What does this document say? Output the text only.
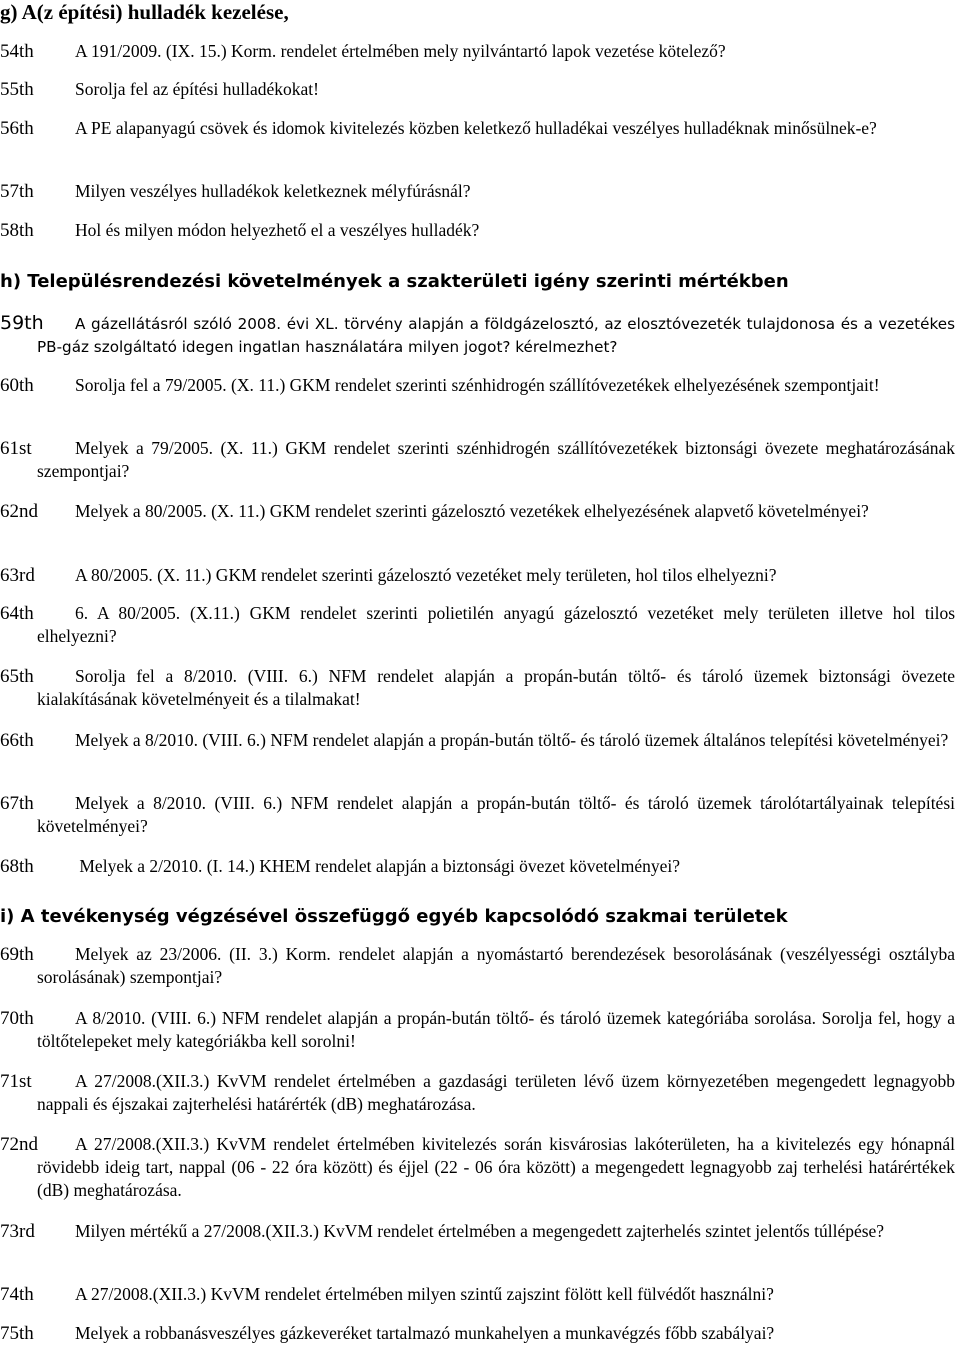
g) A(z építési) hulladék kezelése,
54th A 191/2009. (IX. 15.) Korm. rendelet értelmében mely nyilvántartó lapok vezetése kötelező?
55th Sorolja fel az építési hulladékokat!
56th A PE alapanyagú csövek és idomok kivitelezés közben keletkező hulladékai veszélyes hulladéknak minősülnek-e?
57th Milyen veszélyes hulladékok keletkeznek mélyfúrásnál?
58th Hol és milyen módon helyezhető el a veszélyes hulladék?
h) Településrendezési követelmények a szakterületi igény szerinti mértékben
59th A gázellátásról szóló 2008. évi XL. törvény alapján a földgázelosztó, az elosztóvezeték tulajdonosa és a vezetékes PB-gáz szolgáltató idegen ingatlan használatára milyen jogot? kérelmezhet?
60th Sorolja fel a 79/2005. (X. 11.) GKM rendelet szerinti szénhidrogén szállítóvezetékek elhelyezésének szempontjait!
61st Melyek a 79/2005. (X. 11.) GKM rendelet szerinti szénhidrogén szállítóvezetékek biztonsági övezete meghatározásának szempontjai?
62nd Melyek a 80/2005. (X. 11.) GKM rendelet szerinti gázelosztó vezetékek elhelyezésének alapvető követelményei?
63rd A 80/2005. (X. 11.) GKM rendelet szerinti gázelosztó vezetéket mely területen, hol tilos elhelyezni?
64th 6. A 80/2005. (X.11.) GKM rendelet szerinti polietilén anyagú gázelosztó vezetéket mely területen illetve hol tilos elhelyezni?
65th Sorolja fel a 8/2010. (VIII. 6.) NFM rendelet alapján a propán-bután töltő- és tároló üzemek biztonsági övezete kialakításának követelményeit és a tilalmakat!
66th Melyek a 8/2010. (VIII. 6.) NFM rendelet alapján a propán-bután töltő- és tároló üzemek általános telepítési követelményei?
67th Melyek a 8/2010. (VIII. 6.) NFM rendelet alapján a propán-bután töltő- és tároló üzemek tárolótartályainak telepítési követelményei?
68th Melyek a 2/2010. (I. 14.) KHEM rendelet alapján a biztonsági övezet követelményei?
i) A tevékenység végzésével összefüggő egyéb kapcsolódó szakmai területek
69th Melyek az 23/2006. (II. 3.) Korm. rendelet alapján a nyomástartó berendezések besorolásának (veszélyességi osztályba sorolásának) szempontjai?
70th A 8/2010. (VIII. 6.) NFM rendelet alapján a propán-bután töltő- és tároló üzemek kategóriába sorolása. Sorolja fel, hogy a töltőtelepeket mely kategóriákba kell sorolni!
71st A 27/2008.(XII.3.) KvVM rendelet értelmében a gazdasági területen lévő üzem környezetében megengedett legnagyobb nappali és éjszakai zajterhelési határérték (dB) meghatározása.
72nd A 27/2008.(XII.3.) KvVM rendelet értelmében kivitelezés során kisvárosias lakóterületen, ha a kivitelezés egy hónapnál rövidebb ideig tart, nappal (06 - 22 óra között) és éjjel (22 - 06 óra között) a megengedett legnagyobb zaj terhelési határértékek (dB) meghatározása.
73rd Milyen mértékű a 27/2008.(XII.3.) KvVM rendelet értelmében a megengedett zajterhelés szintet jelentős túllépése?
74th A 27/2008.(XII.3.) KvVM rendelet értelmében milyen szintű zajszint fölött kell fülvédőt használni?
75th Melyek a robbanásveszélyes gázkeveréket tartalmazó munkahelyen a munkavégzés főbb szabályai?
